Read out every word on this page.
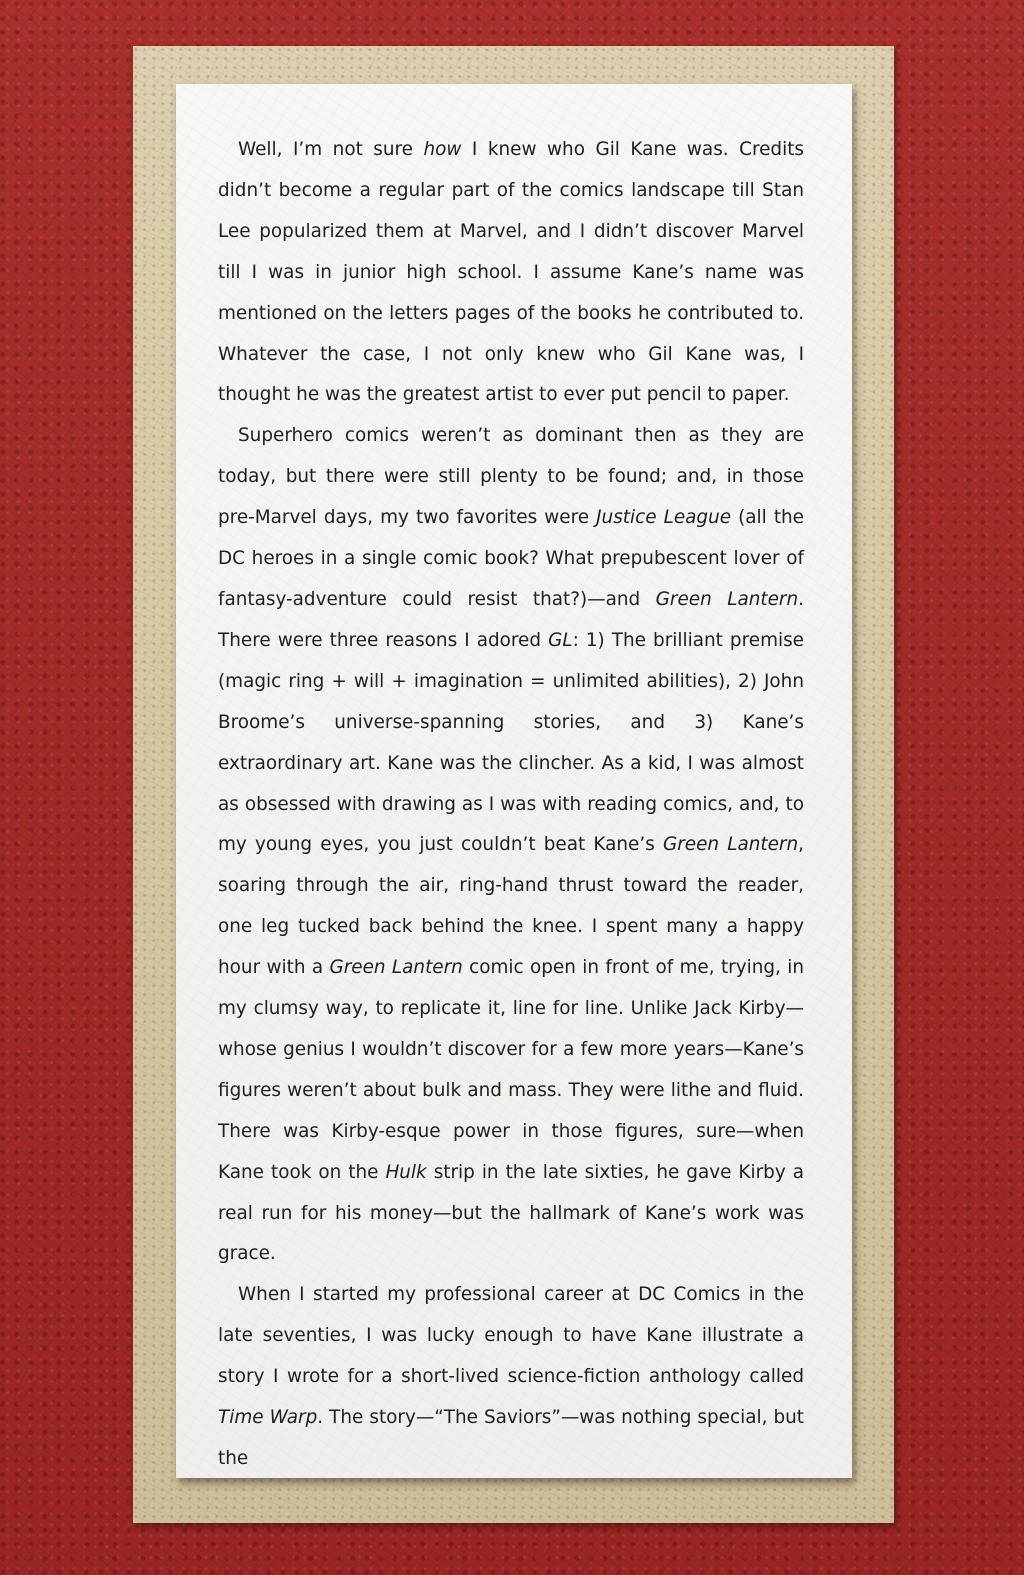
Well, I’m not sure how I knew who Gil Kane was. Credits didn’t become a regular part of the comics landscape till Stan Lee popularized them at Marvel, and I didn’t discover Marvel till I was in junior high school. I assume Kane’s name was mentioned on the letters pages of the books he contributed to. Whatever the case, I not only knew who Gil Kane was, I thought he was the greatest artist to ever put pencil to paper.

Superhero comics weren’t as dominant then as they are today, but there were still plenty to be found; and, in those pre-Marvel days, my two favorites were Justice League (all the DC heroes in a single comic book? What prepubescent lover of fantasy-adventure could resist that?)—and Green Lantern. There were three reasons I adored GL: 1) The brilliant premise (magic ring + will + imagination = unlimited abilities), 2) John Broome’s universe-spanning stories, and 3) Kane’s extraordinary art. Kane was the clincher. As a kid, I was almost as obsessed with drawing as I was with reading comics, and, to my young eyes, you just couldn’t beat Kane’s Green Lantern, soaring through the air, ring-hand thrust toward the reader, one leg tucked back behind the knee. I spent many a happy hour with a Green Lantern comic open in front of me, trying, in my clumsy way, to replicate it, line for line. Unlike Jack Kirby—whose genius I wouldn’t discover for a few more years—Kane’s figures weren’t about bulk and mass. They were lithe and fluid. There was Kirby-esque power in those figures, sure—when Kane took on the Hulk strip in the late sixties, he gave Kirby a real run for his money—but the hallmark of Kane’s work was grace.

When I started my professional career at DC Comics in the late seventies, I was lucky enough to have Kane illustrate a story I wrote for a short-lived science-fiction anthology called Time Warp. The story—“The Saviors”—was nothing special, but the
